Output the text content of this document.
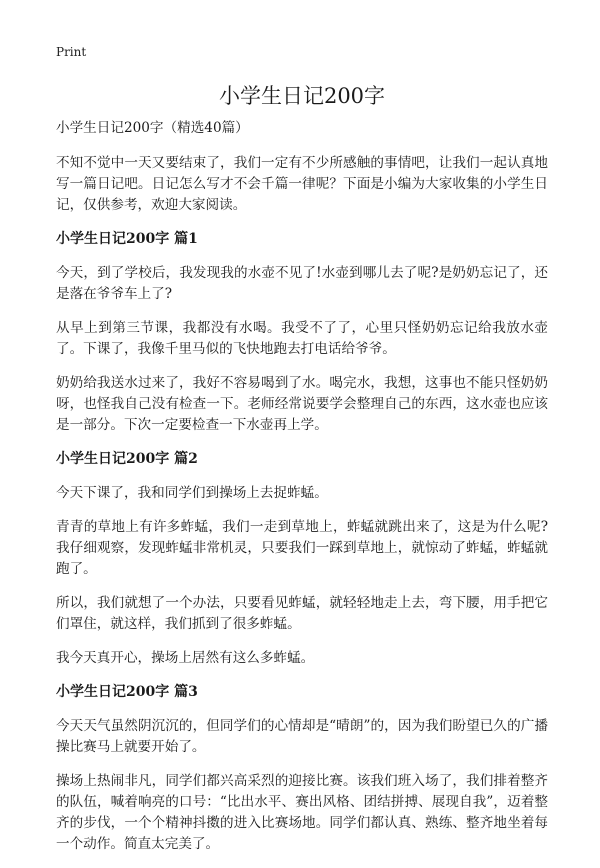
Print
小学生日记200字

小学生日记200字（精选40篇）

不知不觉中一天又要结束了，我们一定有不少所感触的事情吧，让我们一起认真地写一篇日记吧。日记怎么写才不会千篇一律呢？下面是小编为大家收集的小学生日记，仅供参考，欢迎大家阅读。

小学生日记200字 篇1

今天，到了学校后，我发现我的水壶不见了!水壶到哪儿去了呢?是奶奶忘记了，还是落在爷爷车上了?

从早上到第三节课，我都没有水喝。我受不了了，心里只怪奶奶忘记给我放水壶了。下课了，我像千里马似的飞快地跑去打电话给爷爷。

奶奶给我送水过来了，我好不容易喝到了水。喝完水，我想，这事也不能只怪奶奶呀，也怪我自己没有检查一下。老师经常说要学会整理自己的东西，这水壶也应该是一部分。下次一定要检查一下水壶再上学。

小学生日记200字 篇2

今天下课了，我和同学们到操场上去捉蚱蜢。

青青的草地上有许多蚱蜢，我们一走到草地上，蚱蜢就跳出来了，这是为什么呢?我仔细观察，发现蚱蜢非常机灵，只要我们一踩到草地上，就惊动了蚱蜢，蚱蜢就跑了。

所以，我们就想了一个办法，只要看见蚱蜢，就轻轻地走上去，弯下腰，用手把它们罩住，就这样，我们抓到了很多蚱蜢。

我今天真开心，操场上居然有这么多蚱蜢。

小学生日记200字 篇3

今天天气虽然阴沉沉的，但同学们的心情却是“晴朗”的，因为我们盼望已久的广播操比赛马上就要开始了。

操场上热闹非凡，同学们都兴高采烈的迎接比赛。该我们班入场了，我们排着整齐的队伍，喊着响亮的口号：“比出水平、赛出风格、团结拼搏、展现自我”，迈着整齐的步伐，一个个精神抖擞的进入比赛场地。同学们都认真、熟练、整齐地坐着每一个动作。简直太完美了。
